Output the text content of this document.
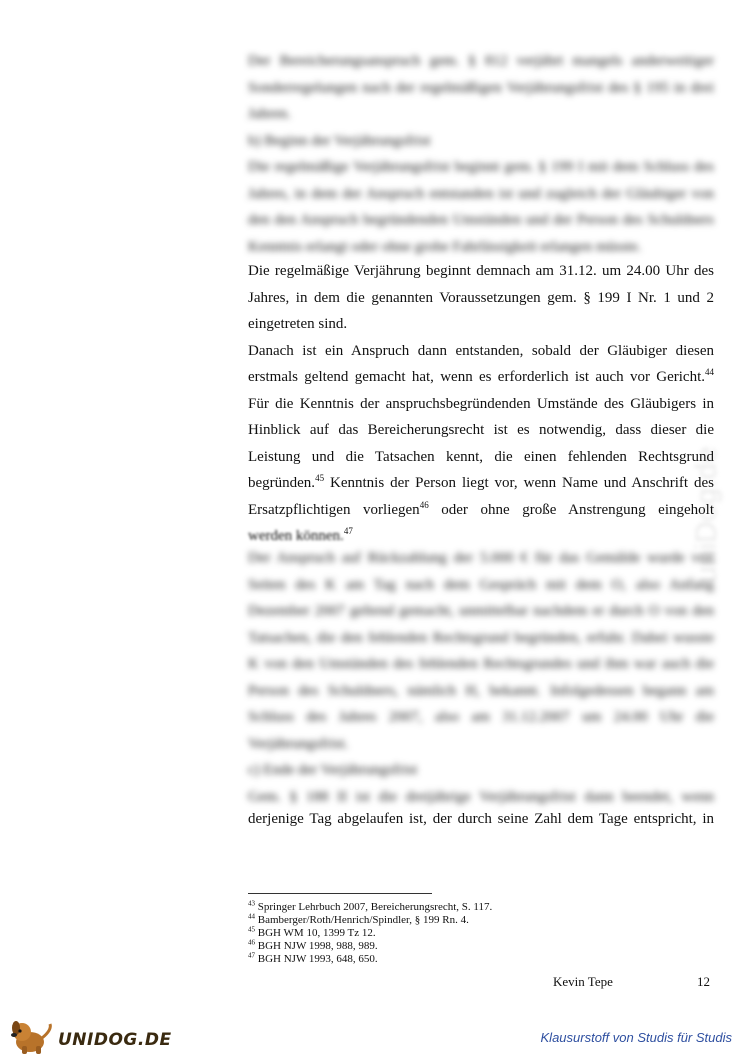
uniDog.de
Der Bereicherungsanspruch gem. § 812 verjährt mangels anderweitiger
Sonderregelungen nach der regelmäßigen Verjährungsfrist des § 195 in drei
Jahren.
b) Beginn der Verjährungsfrist
Die regelmäßige Verjährungsfrist beginnt gem. § 199 I mit dem Schluss des
Jahres, in dem der Anspruch entstanden ist und zugleich der Gläubiger von
den den Anspruch begründenden Umständen und der Person des Schuldners
Kenntnis erlangt oder ohne grobe Fahrlässigkeit erlangen müsste.
Die regelmäßige Verjährung beginnt demnach am 31.12. um 24.00 Uhr des
Jahres, in dem die genannten Voraussetzungen gem. § 199 I Nr. 1 und 2
eingetreten sind.
Danach ist ein Anspruch dann entstanden, sobald der Gläubiger diesen
erstmals geltend gemacht hat, wenn es erforderlich ist auch vor Gericht.$^{44}$
Für die Kenntnis der anspruchsbegründenden Umstände des Gläubigers in
Hinblick auf das Bereicherungsrecht ist es notwendig, dass dieser die
Leistung und die Tatsachen kennt, die einen fehlenden Rechtsgrund
begründen.$^{45}$ Kenntnis der Person liegt vor, wenn Name und Anschrift des
Ersatzpflichtigen vorliegen$^{46}$ oder ohne große Anstrengung eingeholt
werden können.$^{47}$
Der Anspruch auf Rückzahlung der 5.000 € für das Gemälde wurde von
Seiten des K am Tag nach dem Gespräch mit dem O, also Anfang
Dezember 2007 geltend gemacht, unmittelbar nachdem er durch O von den
Tatsachen, die den fehlenden Rechtsgrund begründen, erfuhr. Dabei wusste
K von den Umständen des fehlenden Rechtsgrundes und ihm war auch die
Person des Schuldners, nämlich H, bekannt. Infolgedessen begann am
Schluss des Jahres 2007, also am 31.12.2007 um 24.00 Uhr die
Verjährungsfrist.
c) Ende der Verjährungsfrist
Gem. § 188 II ist die dreijährige Verjährungsfrist dann beendet, wenn
derjenige Tag abgelaufen ist, der durch seine Zahl dem Tage entspricht, in
$^{43}$ Springer Lehrbuch 2007, Bereicherungsrecht, S. 117.
$^{44}$ Bamberger/Roth/Henrich/Spindler, § 199 Rn. 4.
$^{45}$ BGH WM 10, 1399 Tz 12.
$^{46}$ BGH NJW 1998, 988, 989.
$^{47}$ BGH NJW 1993, 648, 650.
Kevin Tepe	12
UNIDOG.DE	Klausurstoff von Studis für Studis
